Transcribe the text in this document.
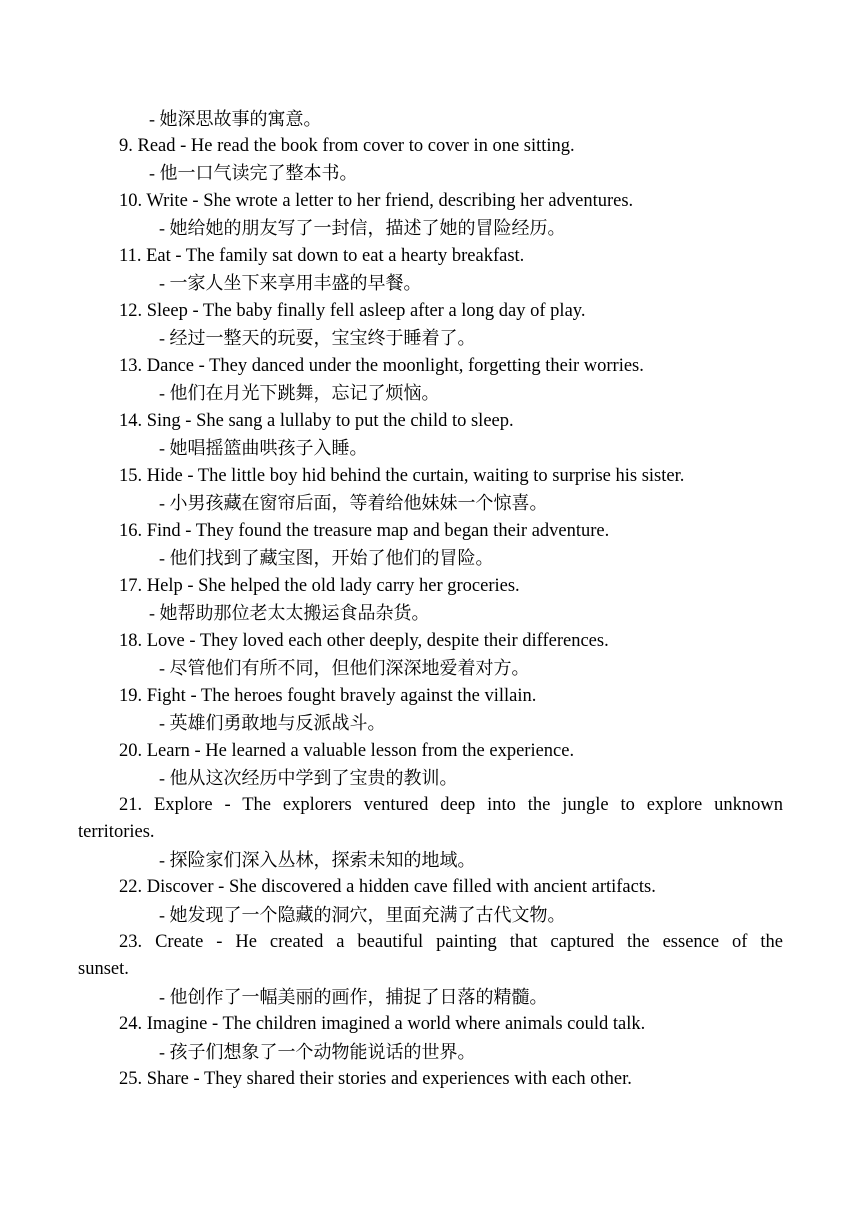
- 她深思故事的寓意。
9. Read - He read the book from cover to cover in one sitting.
- 他一口气读完了整本书。
10. Write - She wrote a letter to her friend, describing her adventures.
- 她给她的朋友写了一封信，描述了她的冒险经历。
11. Eat - The family sat down to eat a hearty breakfast.
- 一家人坐下来享用丰盛的早餐。
12. Sleep - The baby finally fell asleep after a long day of play.
- 经过一整天的玩耍，宝宝终于睡着了。
13. Dance - They danced under the moonlight, forgetting their worries.
- 他们在月光下跳舞，忘记了烦恼。
14. Sing - She sang a lullaby to put the child to sleep.
- 她唱摇篮曲哄孩子入睡。
15. Hide - The little boy hid behind the curtain, waiting to surprise his sister.
- 小男孩藏在窗帘后面，等着给他妹妹一个惊喜。
16. Find - They found the treasure map and began their adventure.
- 他们找到了藏宝图，开始了他们的冒险。
17. Help - She helped the old lady carry her groceries.
- 她帮助那位老太太搬运食品杂货。
18. Love - They loved each other deeply, despite their differences.
- 尽管他们有所不同，但他们深深地爱着对方。
19. Fight - The heroes fought bravely against the villain.
- 英雄们勇敢地与反派战斗。
20. Learn - He learned a valuable lesson from the experience.
- 他从这次经历中学到了宝贵的教训。
21. Explore - The explorers ventured deep into the jungle to explore unknown
territories.
- 探险家们深入丛林，探索未知的地域。
22. Discover - She discovered a hidden cave filled with ancient artifacts.
- 她发现了一个隐藏的洞穴，里面充满了古代文物。
23. Create - He created a beautiful painting that captured the essence of the
sunset.
- 他创作了一幅美丽的画作，捕捉了日落的精髓。
24. Imagine - The children imagined a world where animals could talk.
- 孩子们想象了一个动物能说话的世界。
25. Share - They shared their stories and experiences with each other.
